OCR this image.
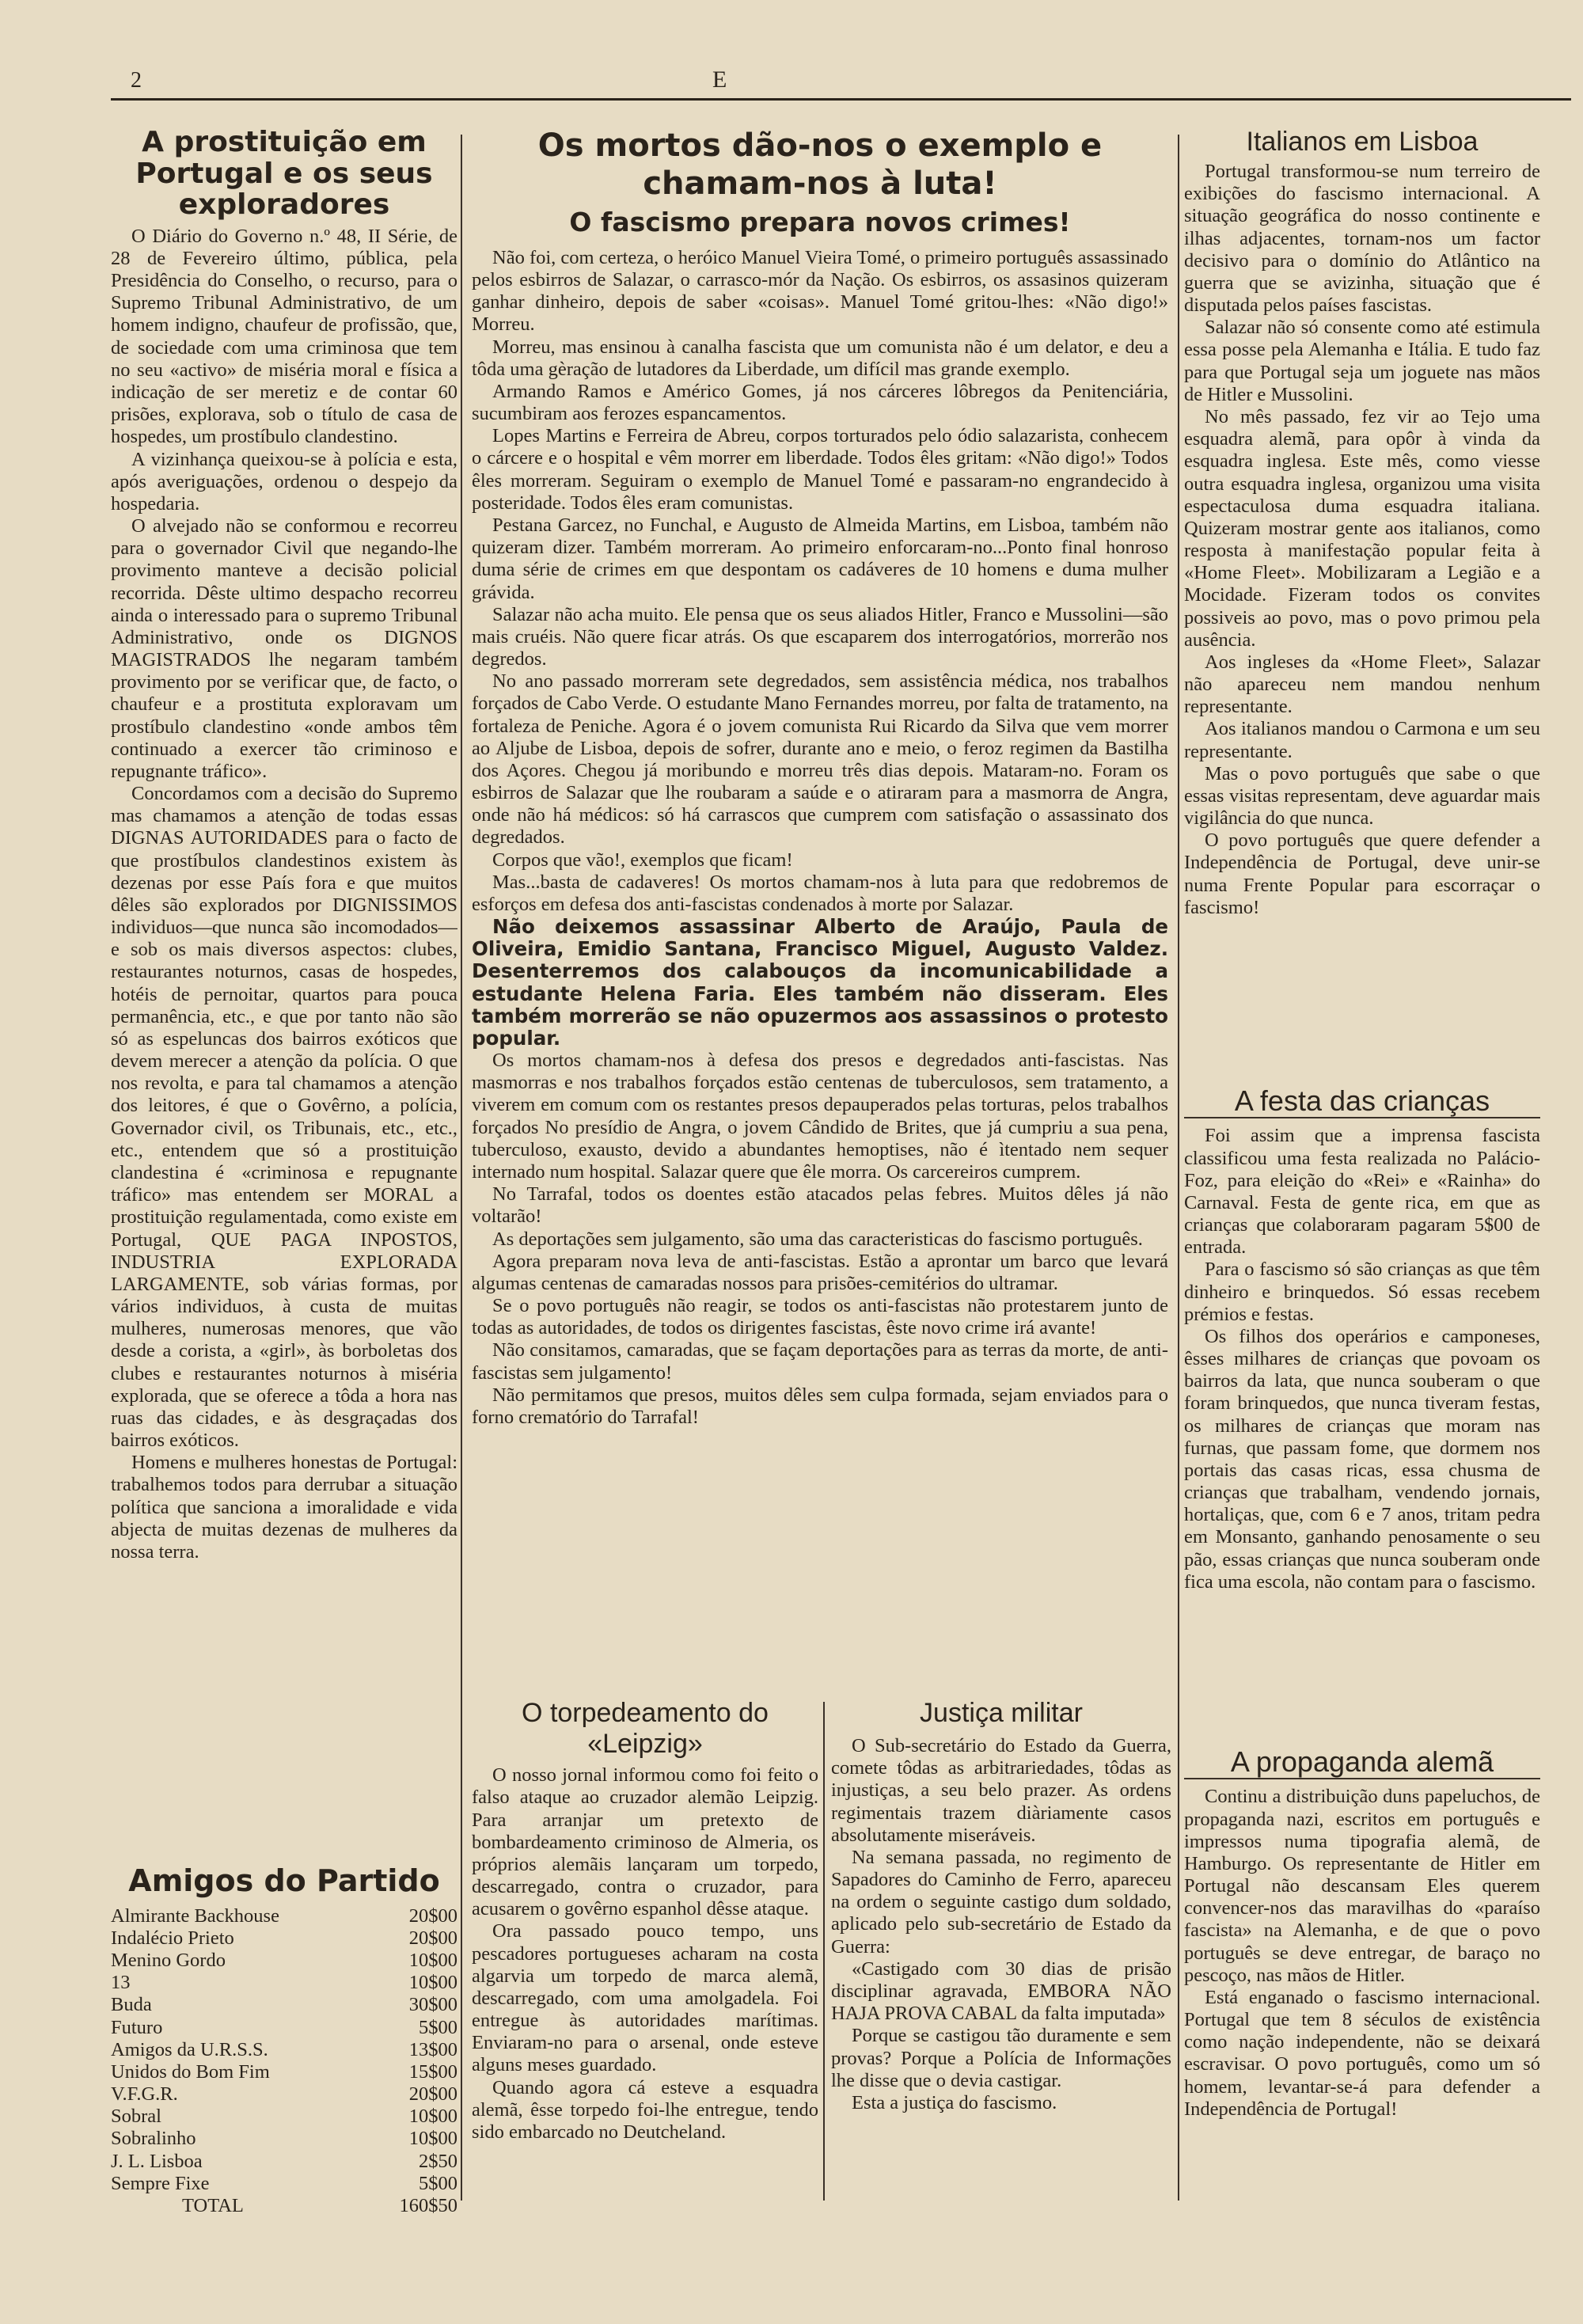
2	E
A prostituição em Portugal e os seus exploradores

O Diário do Governo n.º 48, II Série, de 28 de Fevereiro último, pública, pela Presidência do Conselho, o recurso, para o Supremo Tribunal Administrativo, de um homem indigno, chaufeur de profissão, que, de sociedade com uma criminosa que tem no seu «activo» de miséria moral e física a indicação de ser meretiz e de contar 60 prisões, explorava, sob o título de casa de hospedes, um prostíbulo clandestino.

A vizinhança queixou-se à polícia e esta, após averiguações, ordenou o despejo da hospedaria.

O alvejado não se conformou e recorreu para o governador Civil que negando-lhe provimento manteve a decisão policial recorrida. Dêste ultimo despacho recorreu ainda o interessado para o supremo Tribunal Administrativo, onde os DIGNOS MAGISTRADOS lhe negaram também provimento por se verificar que, de facto, o chaufeur e a prostituta exploravam um prostíbulo clandestino «onde ambos têm continuado a exercer tão criminoso e repugnante tráfico».

Concordamos com a decisão do Supremo mas chamamos a atenção de todas essas DIGNAS AUTORIDADES para o facto de que prostíbulos clandestinos existem às dezenas por esse País fora e que muitos dêles são explorados por DIGNISSIMOS individuos—que nunca são incomodados—e sob os mais diversos aspectos: clubes, restaurantes noturnos, casas de hospedes, hotéis de pernoitar, quartos para pouca permanência, etc., e que por tanto não são só as espeluncas dos bairros exóticos que devem merecer a atenção da polícia. O que nos revolta, e para tal chamamos a atenção dos leitores, é que o Govêrno, a polícia, Governador civil, os Tribunais, etc., etc., etc., entendem que só a prostituição clandestina é «criminosa e repugnante tráfico» mas entendem ser MORAL a prostituição regulamentada, como existe em Portugal, QUE PAGA INPOSTOS, INDUSTRIA EXPLORADA LARGAMENTE, sob várias formas, por vários individuos, à custa de muitas mulheres, numerosas menores, que vão desde a corista, a «girl», às borboletas dos clubes e restaurantes noturnos à miséria explorada, que se oferece a tôda a hora nas ruas das cidades, e às desgraçadas dos bairros exóticos.

Homens e mulheres honestas de Portugal: trabalhemos todos para derrubar a situação política que sanciona a imoralidade e vida abjecta de muitas dezenas de mulheres da nossa terra.

Amigos do Partido
Almirante Backhouse	20$00
Indalécio Prieto	20$00
Menino Gordo	10$00
13	10$00
Buda	30$00
Futuro	5$00
Amigos da U.R.S.S.	13$00
Unidos do Bom Fim	15$00
V.F.G.R.	20$00
Sobral	10$00
Sobralinho	10$00
J. L. Lisboa	2$50
Sempre Fixe	5$00
TOTAL	160$50
Os mortos dão-nos o exemplo e chamam-nos à luta!
O fascismo prepara novos crimes!

Não foi, com certeza, o heróico Manuel Vieira Tomé, o primeiro português assassinado pelos esbirros de Salazar, o carrasco-mór da Nação. Os esbirros, os assasinos quizeram ganhar dinheiro, depois de saber «coisas». Manuel Tomé gritou-lhes: «Não digo!» Morreu.

Morreu, mas ensinou à canalha fascista que um comunista não é um delator, e deu a tôda uma gèração de lutadores da Liberdade, um difícil mas grande exemplo.

Armando Ramos e Américo Gomes, já nos cárceres lôbregos da Penitenciária, sucumbiram aos ferozes espancamentos.

Lopes Martins e Ferreira de Abreu, corpos torturados pelo ódio salazarista, conhecem o cárcere e o hospital e vêm morrer em liberdade. Todos êles gritam: «Não digo!» Todos êles morreram. Seguiram o exemplo de Manuel Tomé e passaram-no engrandecido à posteridade. Todos êles eram comunistas.

Pestana Garcez, no Funchal, e Augusto de Almeida Martins, em Lisboa, também não quizeram dizer. Também morreram. Ao primeiro enforcaram-no...Ponto final honroso duma série de crimes em que despontam os cadáveres de 10 homens e duma mulher grávida.

Salazar não acha muito. Ele pensa que os seus aliados Hitler, Franco e Mussolini—são mais cruéis. Não quere ficar atrás. Os que escaparem dos interrogatórios, morrerão nos degredos.

No ano passado morreram sete degredados, sem assistência médica, nos trabalhos forçados de Cabo Verde. O estudante Mano Fernandes morreu, por falta de tratamento, na fortaleza de Peniche. Agora é o jovem comunista Rui Ricardo da Silva que vem morrer ao Aljube de Lisboa, depois de sofrer, durante ano e meio, o feroz regimen da Bastilha dos Açores. Chegou já moribundo e morreu três dias depois. Mataram-no. Foram os esbirros de Salazar que lhe roubaram a saúde e o atiraram para a masmorra de Angra, onde não há médicos: só há carrascos que cumprem com satisfação o assassinato dos degredados.

Corpos que vão!, exemplos que ficam!

Mas...basta de cadaveres! Os mortos chamam-nos à luta para que redobremos de esforços em defesa dos anti-fascistas condenados à morte por Salazar.

Não deixemos assassinar Alberto de Araújo, Paula de Oliveira, Emidio Santana, Francisco Miguel, Augusto Valdez. Desenterremos dos calabouços da incomunicabilidade a estudante Helena Faria. Eles também não disseram. Eles também morrerão se não opuzermos aos assassinos o protesto popular.

Os mortos chamam-nos à defesa dos presos e degredados anti-fascistas. Nas masmorras e nos trabalhos forçados estão centenas de tuberculosos, sem tratamento, a viverem em comum com os restantes presos depauperados pelas torturas, pelos trabalhos forçados No presídio de Angra, o jovem Cândido de Brites, que já cumpriu a sua pena, tuberculoso, exausto, devido a abundantes hemoptises, não é ìtentado nem sequer internado num hospital. Salazar quere que êle morra. Os carcereiros cumprem.

No Tarrafal, todos os doentes estão atacados pelas febres. Muitos dêles já não voltarão!

As deportações sem julgamento, são uma das caracteristicas do fascismo português.

Agora preparam nova leva de anti-fascistas. Estão a aprontar um barco que levará algumas centenas de camaradas nossos para prisões-cemitérios do ultramar.

Se o povo português não reagir, se todos os anti-fascistas não protestarem junto de todas as autoridades, de todos os dirigentes fascistas, êste novo crime irá avante!

Não consitamos, camaradas, que se façam deportações para as terras da morte, de anti-fascistas sem julgamento!

Não permitamos que presos, muitos dêles sem culpa formada, sejam enviados para o forno crematório do Tarrafal!

O torpedeamento do «Leipzig»

O nosso jornal informou como foi feito o falso ataque ao cruzador alemão Leipzig. Para arranjar um pretexto de bombardeamento criminoso de Almeria, os próprios alemãis lançaram um torpedo, descarregado, contra o cruzador, para acusarem o govêrno espanhol dêsse ataque.

Ora passado pouco tempo, uns pescadores portugueses acharam na costa algarvia um torpedo de marca alemã, descarregado, com uma amolgadela. Foi entregue às autoridades marítimas. Enviaram-no para o arsenal, onde esteve alguns meses guardado.

Quando agora cá esteve a esquadra alemã, êsse torpedo foi-lhe entregue, tendo sido embarcado no Deutcheland.

Justiça militar

O Sub-secretário do Estado da Guerra, comete tôdas as arbitrariedades, tôdas as injustiças, a seu belo prazer. As ordens regimentais trazem diàriamente casos absolutamente miseráveis.

Na semana passada, no regimento de Sapadores do Caminho de Ferro, apareceu na ordem o seguinte castigo dum soldado, aplicado pelo sub-secretário de Estado da Guerra:

«Castigado com 30 dias de prisão disciplinar agravada, EMBORA NÃO HAJA PROVA CABAL da falta imputada»

Porque se castigou tão duramente e sem provas? Porque a Polícia de Informações lhe disse que o devia castigar.

Esta a justiça do fascismo.

Italianos em Lisboa

Portugal transformou-se num terreiro de exibições do fascismo internacional. A situação geográfica do nosso continente e ilhas adjacentes, tornam-nos um factor decisivo para o domínio do Atlântico na guerra que se avizinha, situação que é disputada pelos países fascistas.

Salazar não só consente como até estimula essa posse pela Alemanha e Itália. E tudo faz para que Portugal seja um joguete nas mãos de Hitler e Mussolini.

No mês passado, fez vir ao Tejo uma esquadra alemã, para opôr à vinda da esquadra inglesa. Este mês, como viesse outra esquadra inglesa, organizou uma visita espectaculosa duma esquadra italiana. Quizeram mostrar gente aos italianos, como resposta à manifestação popular feita à «Home Fleet». Mobilizaram a Legião e a Mocidade. Fizeram todos os convites possiveis ao povo, mas o povo primou pela ausência.

Aos ingleses da «Home Fleet», Salazar não apareceu nem mandou nenhum representante.

Aos italianos mandou o Carmona e um seu representante.

Mas o povo português que sabe o que essas visitas representam, deve aguardar mais vigilância do que nunca.

O povo português que quere defender a Independência de Portugal, deve unir-se numa Frente Popular para escorraçar o fascismo!

A festa das crianças

Foi assim que a imprensa fascista classificou uma festa realizada no Palácio-Foz, para eleição do «Rei» e «Rainha» do Carnaval. Festa de gente rica, em que as crianças que colaboraram pagaram 5$00 de entrada.

Para o fascismo só são crianças as que têm dinheiro e brinquedos. Só essas recebem prémios e festas.

Os filhos dos operários e camponeses, êsses milhares de crianças que povoam os bairros da lata, que nunca souberam o que foram brinquedos, que nunca tiveram festas, os milhares de crianças que moram nas furnas, que passam fome, que dormem nos portais das casas ricas, essa chusma de crianças que trabalham, vendendo jornais, hortaliças, que, com 6 e 7 anos, tritam pedra em Monsanto, ganhando penosamente o seu pão, essas crianças que nunca souberam onde fica uma escola, não contam para o fascismo.

A propaganda alemã

Continu a distribuição duns papeluchos, de propaganda nazi, escritos em português e impressos numa tipografia alemã, de Hamburgo. Os representante de Hitler em Portugal não descansam Eles querem convencer-nos das maravilhas do «paraíso fascista» na Alemanha, e de que o povo português se deve entregar, de baraço no pescoço, nas mãos de Hitler.

Está enganado o fascismo internacional. Portugal que tem 8 séculos de existência como nação independente, não se deixará escravisar. O povo português, como um só homem, levantar-se-á para defender a Independência de Portugal!
